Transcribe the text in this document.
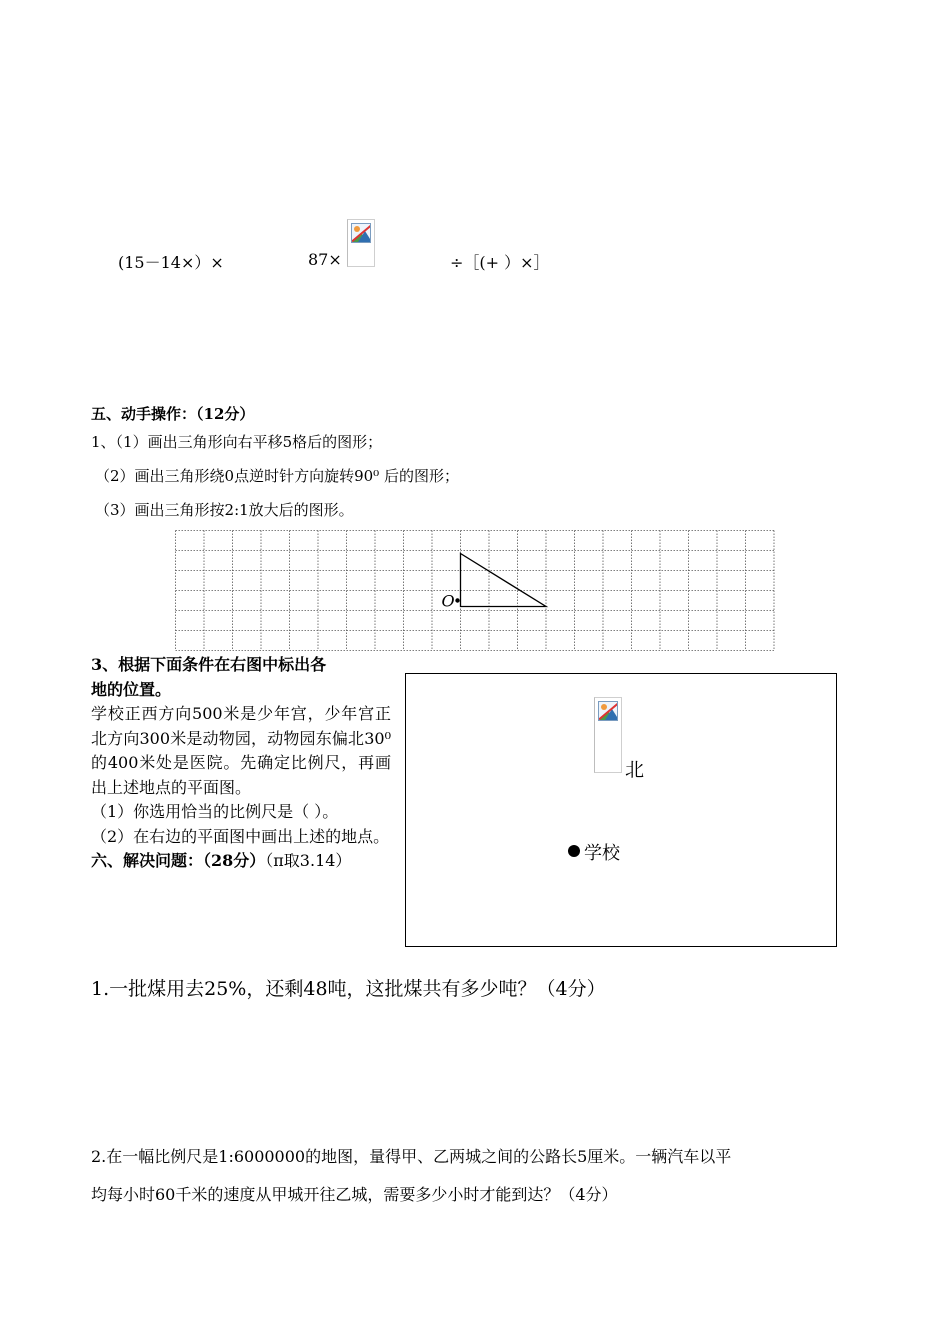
(15－14×）×	87×	÷［(+ ）×］
五、动手操作：（12分）
1、（1）画出三角形向右平移5格后的图形；
（2）画出三角形绕0点逆时针方向旋转90⁰ 后的图形；
（3）画出三角形按2:1放大后的图形。
O
3、根据下面条件在右图中标出各
地的位置。
学校正西方向500米是少年宫，少年宫正北方向300米是动物园，动物园东偏北30⁰的400米处是医院。先确定比例尺，再画出上述地点的平面图。
（1）你选用恰当的比例尺是（ ）。
（2）在右边的平面图中画出上述的地点。
六、解决问题：（28分）（π取3.14）
北
学校
1.一批煤用去25%，还剩48吨，这批煤共有多少吨？（4分）
2.在一幅比例尺是1:6000000的地图，量得甲、乙两城之间的公路长5厘米。一辆汽车以平
均每小时60千米的速度从甲城开往乙城，需要多少小时才能到达？（4分）
